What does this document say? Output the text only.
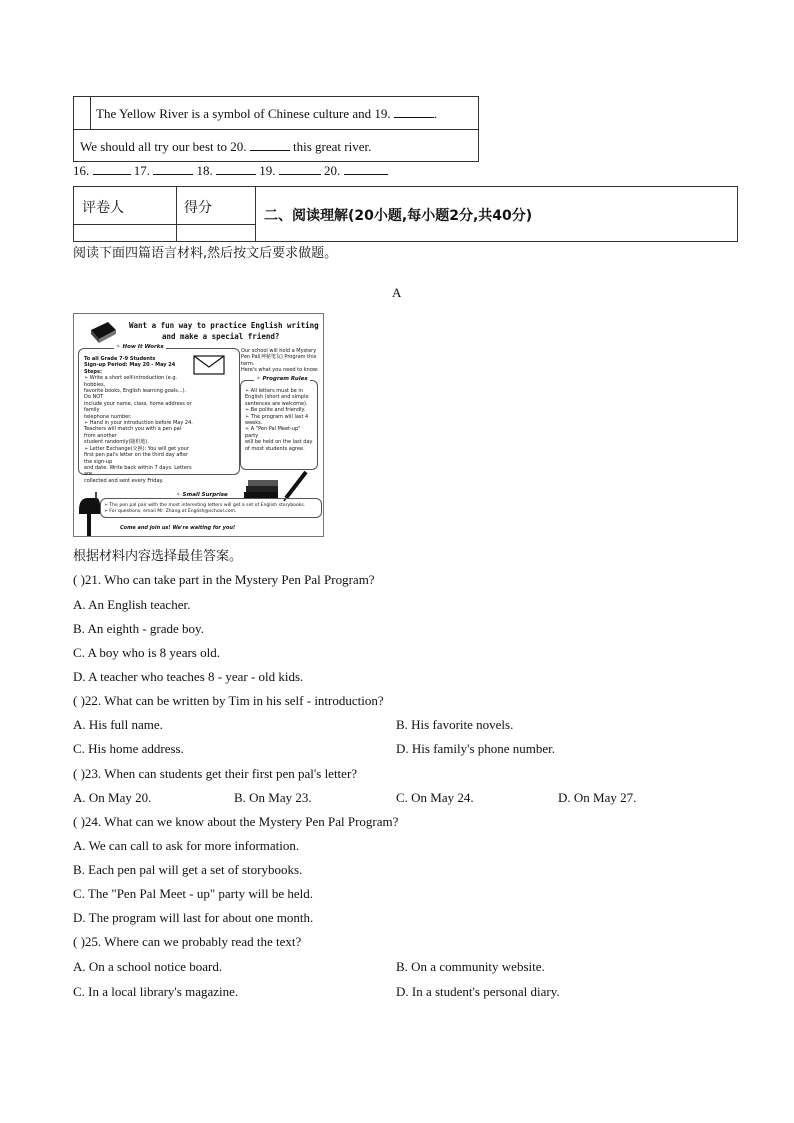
The Yellow River is a symbol of Chinese culture and 19.	.
We should all try our best to 20.	this great river.
16.	17.	18.	19.	20.
评卷人	得分	二、阅读理解(20小题,每小题2分,共40分)
阅读下面四篇语言材料,然后按文后要求做题。
A
Want a fun way to practice English writing
and make a special friend?
✧ How It Works
To all Grade 7-9 Students
Sign-up Period: May 20 - May 24
Steps:
➢ Write a short self-introduction (e.g. hobbies,
favorite books, English learning goals...). Do NOT
include your name, class, home address or family
telephone number.
➢ Hand in your introduction before May 24.
Teachers will match you with a pen pal from another
student randomly(随机地).
➢ Letter Exchange(交换): You will get your
first pen pal's letter on the third day after the sign-up
end date. Write back within 7 days. Letters are
collected and sent every Friday.
Our school will hold a Mystery
Pen Pal(神秘笔友) Program this term.
Here's what you need to know:
✧ Program Rules
➢ All letters must be in
English (short and simple
sentences are welcome).
➢ Be polite and friendly.
➢ The program will last 4
weeks.
➢ A "Pen Pal Meet-up" party
will be held on the last day
of most students agree.
✧ Small Surprise
➢ The pen pal pair with the most interesting letters will get a set of English storybooks.
➢ For questions, email Mr. Zhang at English@school.com.
Come and join us! We're waiting for you!
根据材料内容选择最佳答案。
( )21. Who can take part in the Mystery Pen Pal Program?
A. An English teacher.
B. An eighth - grade boy.
C. A boy who is 8 years old.
D. A teacher who teaches 8 - year - old kids.
( )22. What can be written by Tim in his self - introduction?
A. His full name.	B. His favorite novels.
C. His home address.	D. His family's phone number.
( )23. When can students get their first pen pal's letter?
A. On May 20.	B. On May 23.	C. On May 24.	D. On May 27.
( )24. What can we know about the Mystery Pen Pal Program?
A. We can call to ask for more information.
B. Each pen pal will get a set of storybooks.
C. The "Pen Pal Meet - up" party will be held.
D. The program will last for about one month.
( )25. Where can we probably read the text?
A. On a school notice board.	B. On a community website.
C. In a local library's magazine.	D. In a student's personal diary.
